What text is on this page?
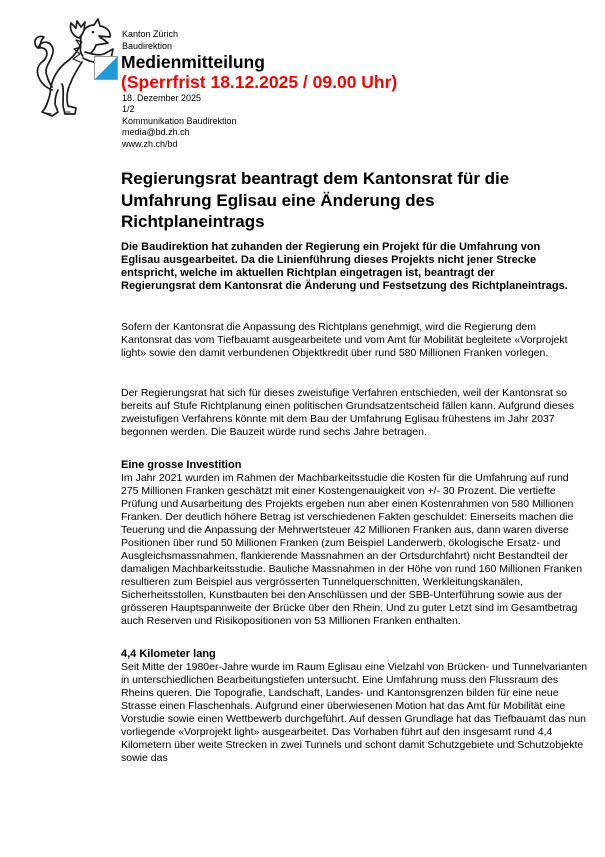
Kanton Zürich
Baudirektion
Medienmitteilung
(Sperrfrist 18.12.2025 / 09.00 Uhr)
18. Dezember 2025
1/2
Kommunikation Baudirektion
media@bd.zh.ch
www.zh.ch/bd
Regierungsrat beantragt dem Kantonsrat für die Umfahrung Eglisau eine Änderung des Richtplaneintrags

Die Baudirektion hat zuhanden der Regierung ein Projekt für die Umfahrung von Eglisau ausgearbeitet. Da die Linienführung dieses Projekts nicht jener Strecke entspricht, welche im aktuellen Richtplan eingetragen ist, beantragt der Regierungsrat dem Kantonsrat die Änderung und Festsetzung des Richtplaneintrags.

Sofern der Kantonsrat die Anpassung des Richtplans genehmigt, wird die Regierung dem Kantonsrat das vom Tiefbauamt ausgearbeitete und vom Amt für Mobilität begleitete «Vorprojekt light» sowie den damit verbundenen Objektkredit über rund 580 Millionen Franken vorlegen.

Der Regierungsrat hat sich für dieses zweistufige Verfahren entschieden, weil der Kantonsrat so bereits auf Stufe Richtplanung einen politischen Grundsatzentscheid fällen kann. Aufgrund dieses zweistufigen Verfahrens könnte mit dem Bau der Umfahrung Eglisau frühestens im Jahr 2037 begonnen werden. Die Bauzeit würde rund sechs Jahre betragen.

Eine grosse Investition

Im Jahr 2021 wurden im Rahmen der Machbarkeitsstudie die Kosten für die Umfahrung auf rund 275 Millionen Franken geschätzt mit einer Kostengenauigkeit von +/- 30 Prozent. Die vertiefte Prüfung und Ausarbeitung des Projekts ergeben nun aber einen Kostenrahmen von 580 Millionen Franken. Der deutlich höhere Betrag ist verschiedenen Fakten geschuldet: Einerseits machen die Teuerung und die Anpassung der Mehrwertsteuer 42 Millionen Franken aus, dann waren diverse Positionen über rund 50 Millionen Franken (zum Beispiel Landerwerb, ökologische Ersatz- und Ausgleichsmassnahmen, flankierende Massnahmen an der Ortsdurchfahrt) nicht Bestandteil der damaligen Machbarkeitsstudie. Bauliche Massnahmen in der Höhe von rund 160 Millionen Franken resultieren zum Beispiel aus vergrösserten Tunnelquerschnitten, Werkleitungskanälen, Sicherheitsstollen, Kunstbauten bei den Anschlüssen und der SBB-Unterführung sowie aus der grösseren Hauptspannweite der Brücke über den Rhein. Und zu guter Letzt sind im Gesamtbetrag auch Reserven und Risikopositionen von 53 Millionen Franken enthalten.

4,4 Kilometer lang

Seit Mitte der 1980er-Jahre wurde im Raum Eglisau eine Vielzahl von Brücken- und Tunnelvarianten in unterschiedlichen Bearbeitungstiefen untersucht. Eine Umfahrung muss den Flussraum des Rheins queren. Die Topografie, Landschaft, Landes- und Kantonsgrenzen bilden für eine neue Strasse einen Flaschenhals. Aufgrund einer überwiesenen Motion hat das Amt für Mobilität eine Vorstudie sowie einen Wettbewerb durchgeführt. Auf dessen Grundlage hat das Tiefbauamt das nun vorliegende «Vorprojekt light» ausgearbeitet. Das Vorhaben führt auf den insgesamt rund 4,4 Kilometern über weite Strecken in zwei Tunnels und schont damit Schutzgebiete und Schutzobjekte sowie das
